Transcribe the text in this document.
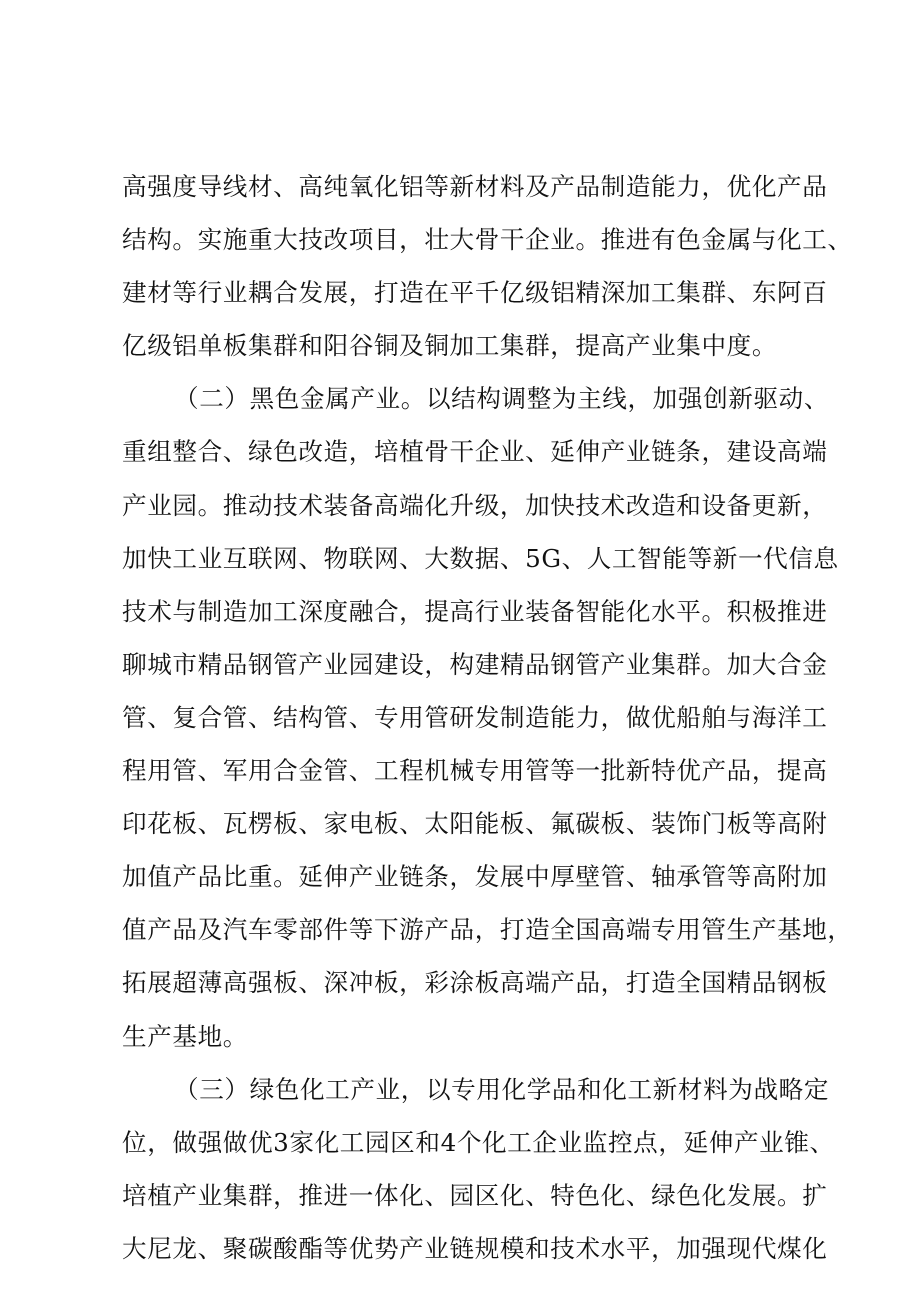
高强度导线材、高纯氧化铝等新材料及产品制造能力，优化产品
结构。实施重大技改项目，壮大骨干企业。推进有色金属与化工、
建材等行业耦合发展，打造在平千亿级铝精深加工集群、东阿百
亿级铝单板集群和阳谷铜及铜加工集群，提高产业集中度。
（二）黑色金属产业。以结构调整为主线，加强创新驱动、
重组整合、绿色改造，培植骨干企业、延伸产业链条，建设高端
产业园。推动技术装备高端化升级，加快技术改造和设备更新，
加快工业互联网、物联网、大数据、5G、人工智能等新一代信息
技术与制造加工深度融合，提高行业装备智能化水平。积极推进
聊城市精品钢管产业园建设，构建精品钢管产业集群。加大合金
管、复合管、结构管、专用管研发制造能力，做优船舶与海洋工
程用管、军用合金管、工程机械专用管等一批新特优产品，提高
印花板、瓦楞板、家电板、太阳能板、氟碳板、装饰门板等高附
加值产品比重。延伸产业链条，发展中厚壁管、轴承管等高附加
值产品及汽车零部件等下游产品，打造全国高端专用管生产基地，
拓展超薄高强板、深冲板，彩涂板高端产品，打造全国精品钢板
生产基地。
（三）绿色化工产业，以专用化学品和化工新材料为战略定
位，做强做优3家化工园区和4个化工企业监控点，延伸产业锥、
培植产业集群，推进一体化、园区化、特色化、绿色化发展。扩
大尼龙、聚碳酸酯等优势产业链规模和技术水平，加强现代煤化
